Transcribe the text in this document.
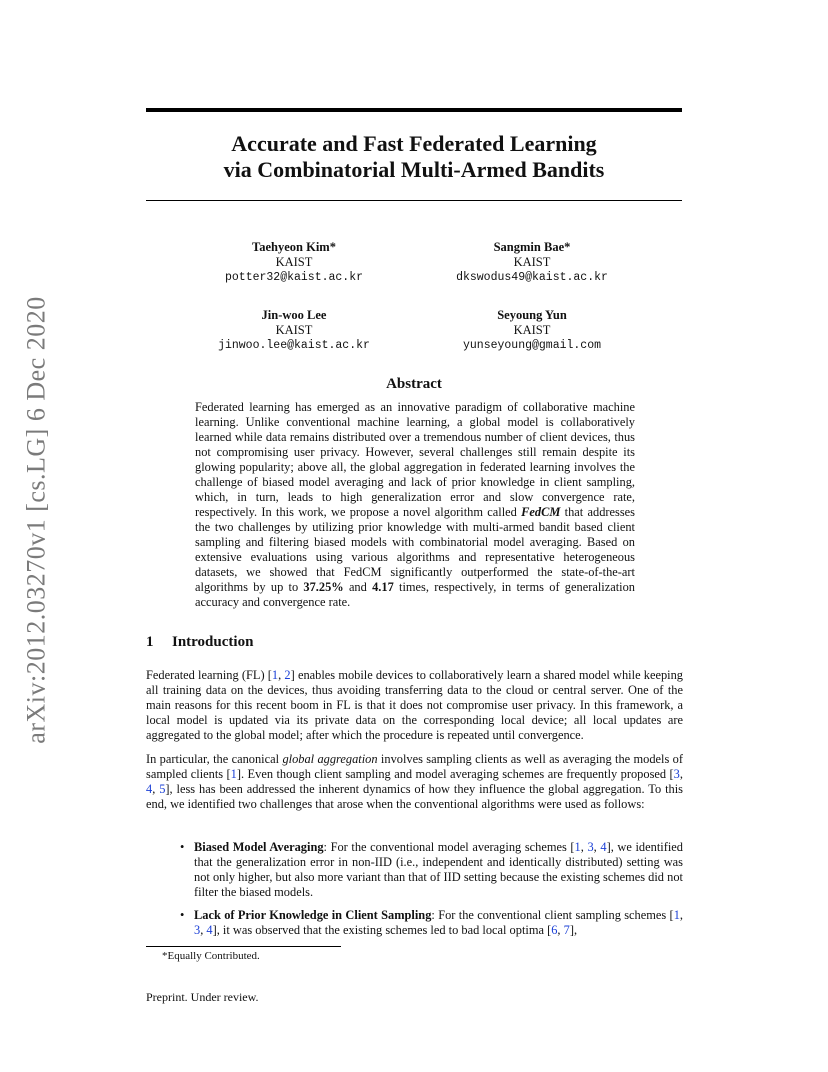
arXiv:2012.03270v1 [cs.LG] 6 Dec 2020
Accurate and Fast Federated Learning
via Combinatorial Multi-Armed Bandits
Taehyeon Kim*
KAIST
potter32@kaist.ac.kr
Sangmin Bae*
KAIST
dkswodus49@kaist.ac.kr
Jin-woo Lee
KAIST
jinwoo.lee@kaist.ac.kr
Seyoung Yun
KAIST
yunseyoung@gmail.com
Abstract

Federated learning has emerged as an innovative paradigm of collaborative machine learning. Unlike conventional machine learning, a global model is collaboratively learned while data remains distributed over a tremendous number of client devices, thus not compromising user privacy. However, several challenges still remain despite its glowing popularity; above all, the global aggregation in federated learning involves the challenge of biased model averaging and lack of prior knowledge in client sampling, which, in turn, leads to high generalization error and slow convergence rate, respectively. In this work, we propose a novel algorithm called FedCM that addresses the two challenges by utilizing prior knowledge with multi-armed bandit based client sampling and filtering biased models with combinatorial model averaging. Based on extensive evaluations using various algorithms and representative heterogeneous datasets, we showed that FedCM significantly outperformed the state-of-the-art algorithms by up to 37.25% and 4.17 times, respectively, in terms of generalization accuracy and convergence rate.

1 Introduction

Federated learning (FL) [1, 2] enables mobile devices to collaboratively learn a shared model while keeping all training data on the devices, thus avoiding transferring data to the cloud or central server. One of the main reasons for this recent boom in FL is that it does not compromise user privacy. In this framework, a local model is updated via its private data on the corresponding local device; all local updates are aggregated to the global model; after which the procedure is repeated until convergence.

In particular, the canonical global aggregation involves sampling clients as well as averaging the models of sampled clients [1]. Even though client sampling and model averaging schemes are frequently proposed [3, 4, 5], less has been addressed the inherent dynamics of how they influence the global aggregation. To this end, we identified two challenges that arose when the conventional algorithms were used as follows:

• Biased Model Averaging: For the conventional model averaging schemes [1, 3, 4], we identified that the generalization error in non-IID (i.e., independent and identically distributed) setting was not only higher, but also more variant than that of IID setting because the existing schemes did not filter the biased models.
• Lack of Prior Knowledge in Client Sampling: For the conventional client sampling schemes [1, 3, 4], it was observed that the existing schemes led to bad local optima [6, 7],

*Equally Contributed.

Preprint. Under review.
